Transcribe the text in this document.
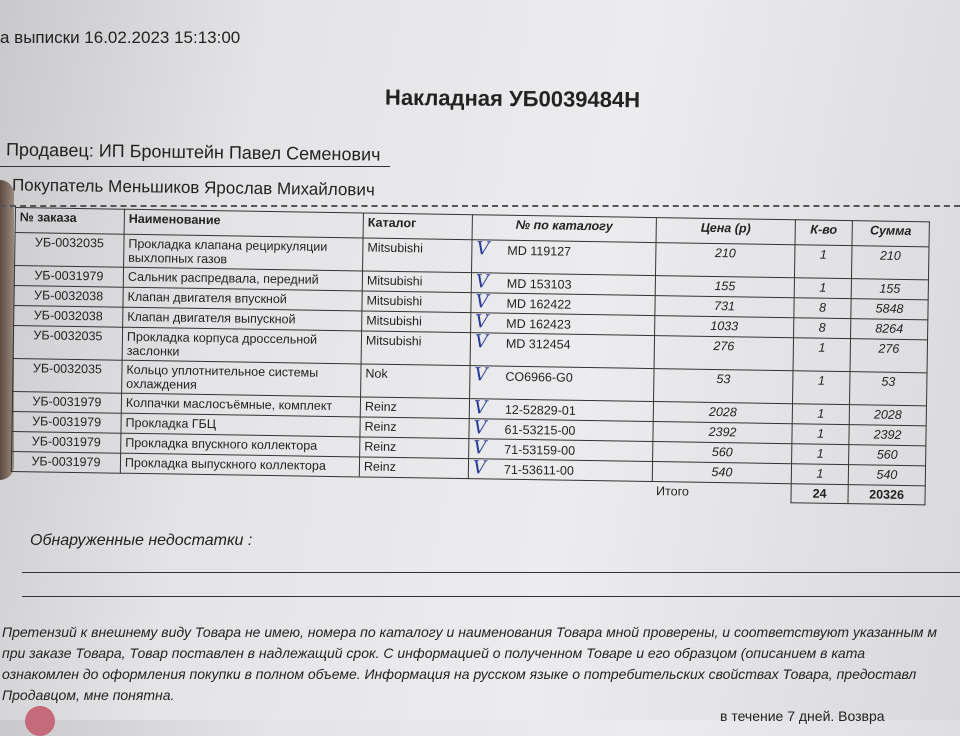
а выписки 16.02.2023 15:13:00
Накладная УБ0039484Н
Продавец: ИП Бронштейн Павел Семенович
Покупатель Меньшиков Ярослав Михайлович
№ заказа	Наименование	Каталог	№ по каталогу	Цена (р)	К-во	Сумма

УБ-0032035	Прокладка клапана рециркуляции выхлопных газов	Mitsubishi	V MD 119127	210	1	210

УБ-0031979	Сальник распредвала, передний	Mitsubishi	V MD 153103	155	1	155

УБ-0032038	Клапан двигателя впускной	Mitsubishi	V MD 162422	731	8	5848

УБ-0032038	Клапан двигателя выпускной	Mitsubishi	V MD 162423	1033	8	8264

УБ-0032035	Прокладка корпуса дроссельной заслонки	Mitsubishi	V MD 312454	276	1	276

УБ-0032035	Кольцо уплотнительное системы охлаждения	Nok	V CO6966-G0	53	1	53

УБ-0031979	Колпачки маслосъёмные, комплект	Reinz	V 12-52829-01	2028	1	2028

УБ-0031979	Прокладка ГБЦ	Reinz	V 61-53215-00	2392	1	2392

УБ-0031979	Прокладка впускного коллектора	Reinz	V 71-53159-00	560	1	560

УБ-0031979	Прокладка выпускного коллектора	Reinz	V 71-53611-00	540	1	540
				Итого	24	20326
Обнаруженные недостатки :
Претензий к внешнему виду Товара не имею, номера по каталогу и наименования Товара мной проверены, и соответствуют указанным м
при заказе Товара, Товар поставлен в надлежащий срок. С информацией о полученном Товаре и его образцом (описанием в ката
ознакомлен до оформления покупки в полном объеме. Информация на русском языке о потребительских свойствах Товара, предоставл
Продавцом, мне понятна.
в течение 7 дней. Возвра
